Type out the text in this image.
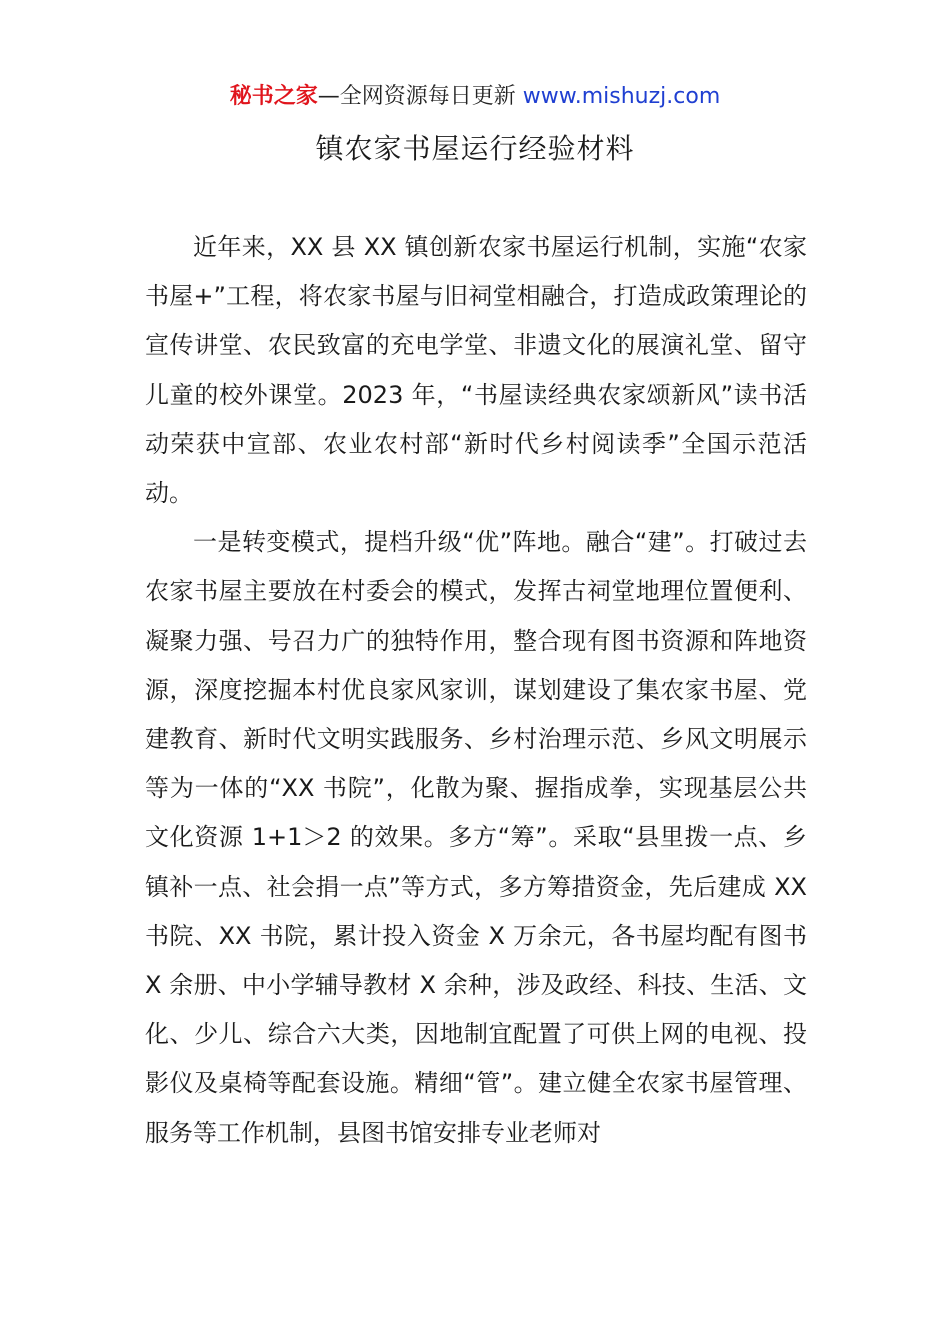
秘书之家—全网资源每日更新 www.mishuzj.com
镇农家书屋运行经验材料

近年来，XX 县 XX 镇创新农家书屋运行机制，实施“农家书屋+”工程，将农家书屋与旧祠堂相融合，打造成政策理论的宣传讲堂、农民致富的充电学堂、非遗文化的展演礼堂、留守儿童的校外课堂。2023 年，“书屋读经典农家颂新风”读书活动荣获中宣部、农业农村部“新时代乡村阅读季”全国示范活动。

一是转变模式，提档升级“优”阵地。融合“建”。打破过去农家书屋主要放在村委会的模式，发挥古祠堂地理位置便利、凝聚力强、号召力广的独特作用，整合现有图书资源和阵地资源，深度挖掘本村优良家风家训，谋划建设了集农家书屋、党建教育、新时代文明实践服务、乡村治理示范、乡风文明展示等为一体的“XX 书院”，化散为聚、握指成拳，实现基层公共文化资源 1+1＞2 的效果。多方“筹”。采取“县里拨一点、乡镇补一点、社会捐一点”等方式，多方筹措资金，先后建成 XX 书院、XX 书院，累计投入资金 X 万余元，各书屋均配有图书 X 余册、中小学辅导教材 X 余种，涉及政经、科技、生活、文化、少儿、综合六大类，因地制宜配置了可供上网的电视、投影仪及桌椅等配套设施。精细“管”。建立健全农家书屋管理、服务等工作机制，县图书馆安排专业老师对
